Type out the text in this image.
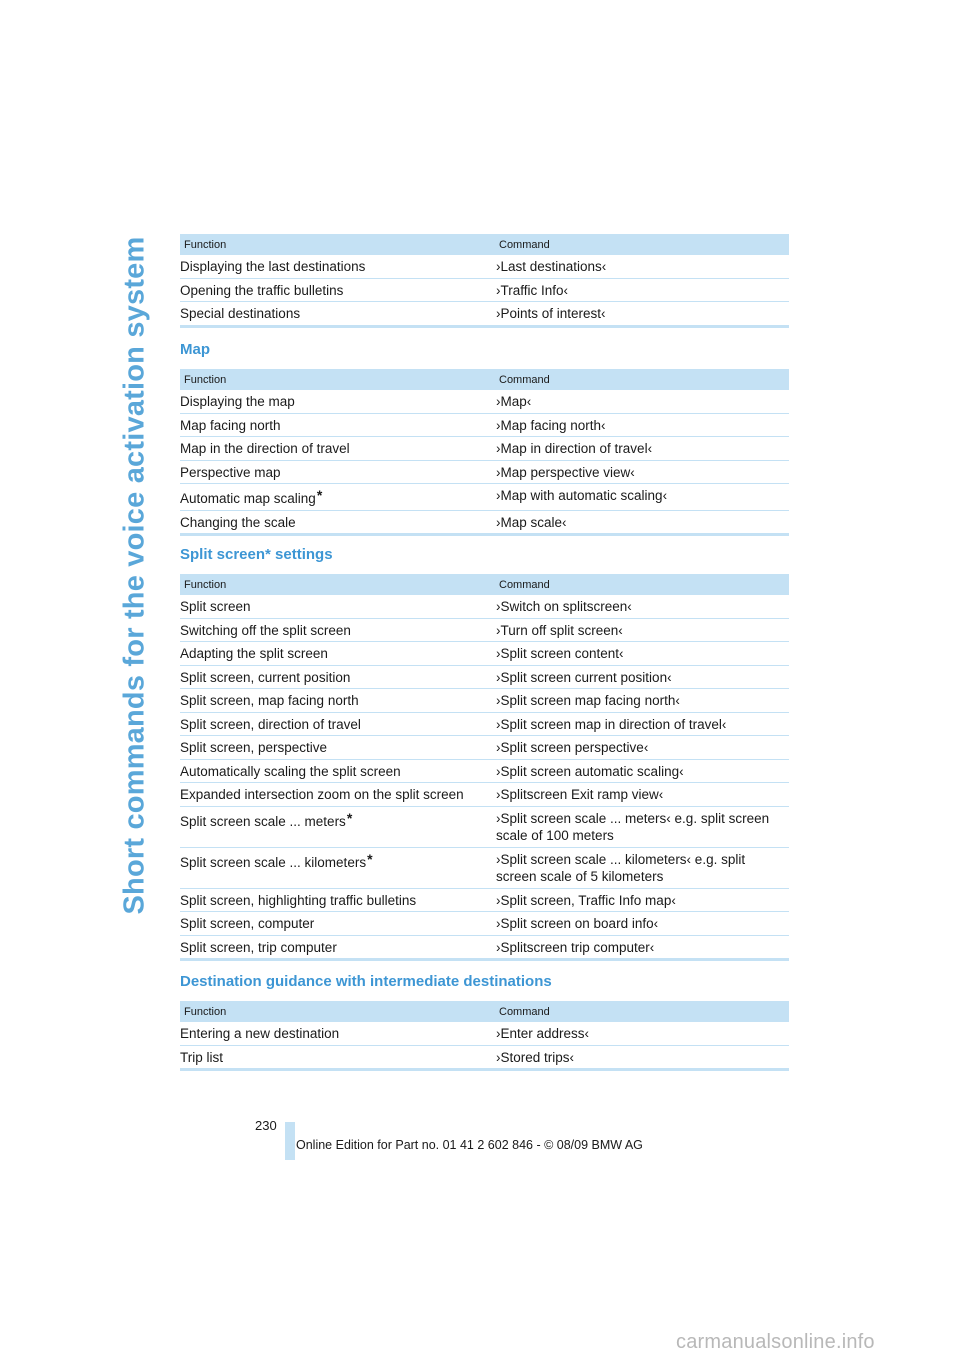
Short commands for the voice activation system	Function	Command
Displaying the last destinations	›Last destinations‹
Opening the traffic bulletins	›Traffic Info‹
Special destinations	›Points of interest‹
Map
Function	Command
Displaying the map	›Map‹
Map facing north	›Map facing north‹
Map in the direction of travel	›Map in direction of travel‹
Perspective map	›Map perspective view‹
Automatic map scaling*	›Map with automatic scaling‹
Changing the scale	›Map scale‹
Split screen* settings
Function	Command
Split screen	›Switch on splitscreen‹
Switching off the split screen	›Turn off split screen‹
Adapting the split screen	›Split screen content‹
Split screen, current position	›Split screen current position‹
Split screen, map facing north	›Split screen map facing north‹
Split screen, direction of travel	›Split screen map in direction of travel‹
Split screen, perspective	›Split screen perspective‹
Automatically scaling the split screen	›Split screen automatic scaling‹
Expanded intersection zoom on the split screen	›Splitscreen Exit ramp view‹
Split screen scale ... meters*	›Split screen scale ... meters‹ e.g. split screen scale of 100 meters
Split screen scale ... kilometers*	›Split screen scale ... kilometers‹ e.g. split screen scale of 5 kilometers
Split screen, highlighting traffic bulletins	›Split screen, Traffic Info map‹
Split screen, computer	›Split screen on board info‹
Split screen, trip computer	›Splitscreen trip computer‹
Destination guidance with intermediate destinations
Function	Command
Entering a new destination	›Enter address‹
Trip list	›Stored trips‹
230
Online Edition for Part no. 01 41 2 602 846 - © 08/09 BMW AG
carmanualsonline.info
